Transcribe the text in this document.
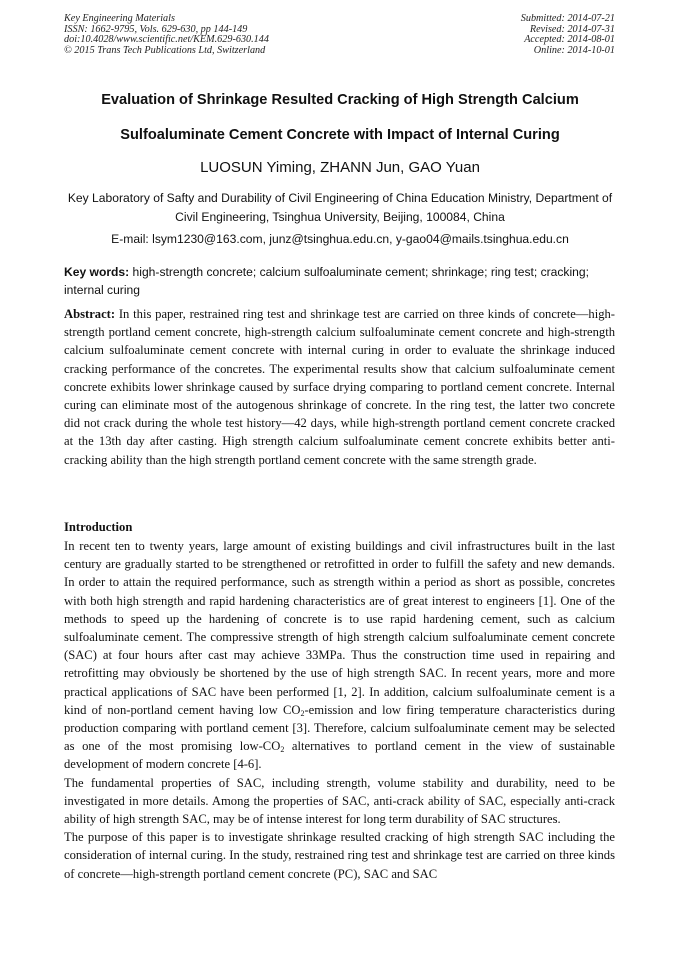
Key Engineering Materials
ISSN: 1662-9795, Vols. 629-630, pp 144-149
doi:10.4028/www.scientific.net/KEM.629-630.144
© 2015 Trans Tech Publications Ltd, Switzerland
Submitted: 2014-07-21
Revised: 2014-07-31
Accepted: 2014-08-01
Online: 2014-10-01
Evaluation of Shrinkage Resulted Cracking of High Strength Calcium
Sulfoaluminate Cement Concrete with Impact of Internal Curing
LUOSUN Yiming, ZHANN Jun, GAO Yuan
Key Laboratory of Safty and Durability of Civil Engineering of China Education Ministry, Department of Civil Engineering, Tsinghua University, Beijing, 100084, China
E-mail: lsym1230@163.com, junz@tsinghua.edu.cn, y-gao04@mails.tsinghua.edu.cn
Key words: high-strength concrete; calcium sulfoaluminate cement; shrinkage; ring test; cracking; internal curing

Abstract: In this paper, restrained ring test and shrinkage test are carried on three kinds of concrete—high-strength portland cement concrete, high-strength calcium sulfoaluminate cement concrete and high-strength calcium sulfoaluminate cement concrete with internal curing in order to evaluate the shrinkage induced cracking performance of the concretes. The experimental results show that calcium sulfoaluminate cement concrete exhibits lower shrinkage caused by surface drying comparing to portland cement concrete. Internal curing can eliminate most of the autogenous shrinkage of concrete. In the ring test, the latter two concrete did not crack during the whole test history—42 days, while high-strength portland cement concrete cracked at the 13th day after casting. High strength calcium sulfoaluminate cement concrete exhibits better anti-cracking ability than the high strength portland cement concrete with the same strength grade.

Introduction

In recent ten to twenty years, large amount of existing buildings and civil infrastructures built in the last century are gradually started to be strengthened or retrofitted in order to fulfill the safety and new demands. In order to attain the required performance, such as strength within a period as short as possible, concretes with both high strength and rapid hardening characteristics are of great interest to engineers [1]. One of the methods to speed up the hardening of concrete is to use rapid hardening cement, such as calcium sulfoaluminate cement. The compressive strength of high strength calcium sulfoaluminate cement concrete (SAC) at four hours after cast may achieve 33MPa. Thus the construction time used in repairing and retrofitting may obviously be shortened by the use of high strength SAC. In recent years, more and more practical applications of SAC have been performed [1, 2]. In addition, calcium sulfoaluminate cement is a kind of non-portland cement having low $CO_2$-emission and low firing temperature characteristics during production comparing with portland cement [3]. Therefore, calcium sulfoaluminate cement may be selected as one of the most promising low-$CO_2$ alternatives to portland cement in the view of sustainable development of modern concrete [4-6].

The fundamental properties of SAC, including strength, volume stability and durability, need to be investigated in more details. Among the properties of SAC, anti-crack ability of SAC, especially anti-crack ability of high strength SAC, may be of intense interest for long term durability of SAC structures.

The purpose of this paper is to investigate shrinkage resulted cracking of high strength SAC including the consideration of internal curing. In the study, restrained ring test and shrinkage test are carried on three kinds of concrete—high-strength portland cement concrete (PC), SAC and SAC
